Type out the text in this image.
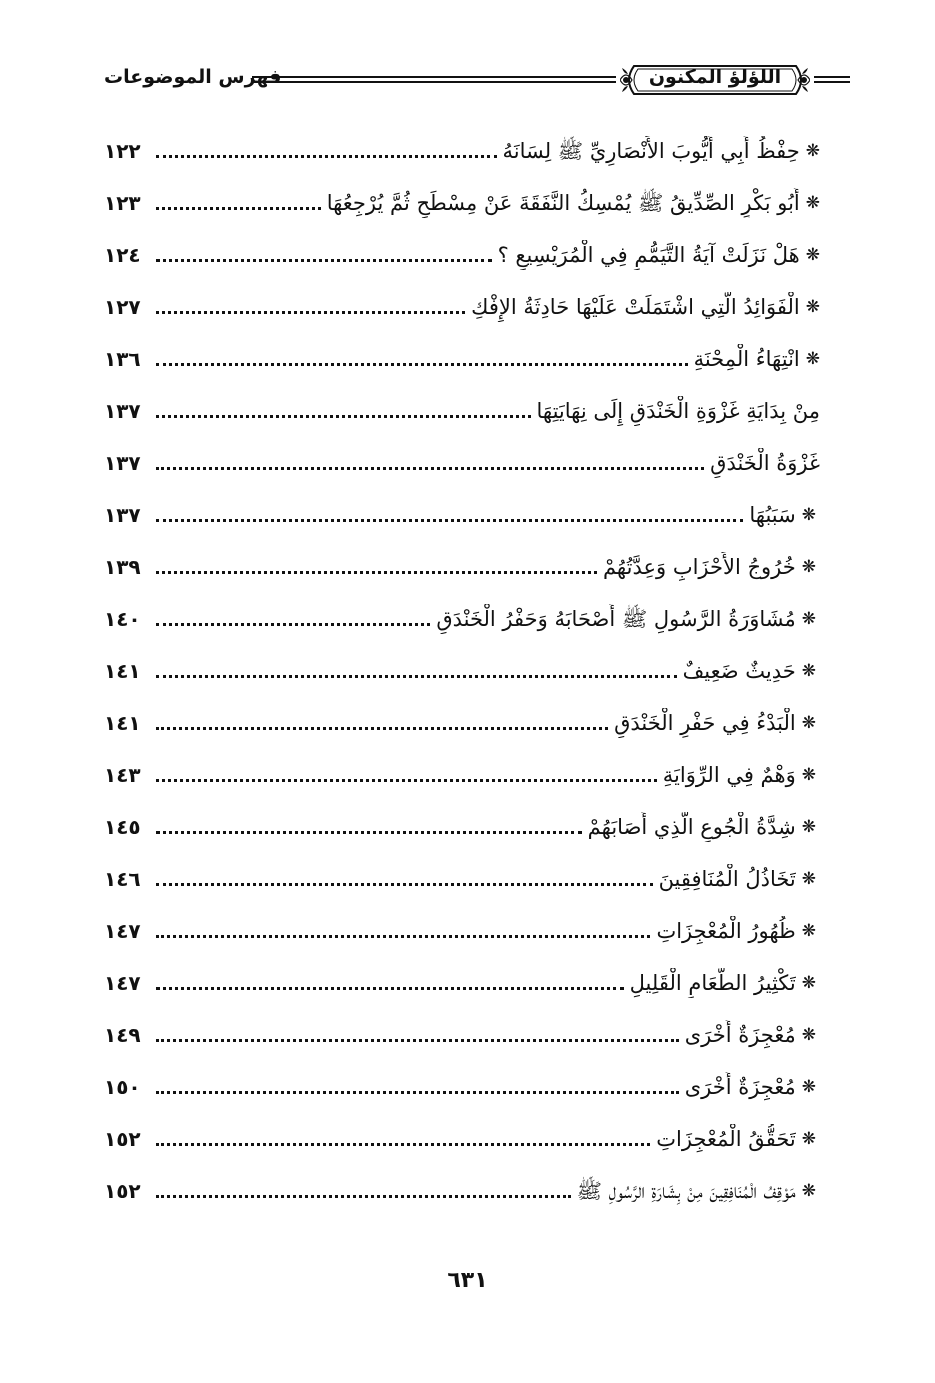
اللؤلؤ المكنون
فهرس الموضوعات
❋
حِفْظُ أَبِي أَيُّوبَ الأَنْصَارِيِّ ﷺ لِسَانَهُ
١٢٢
❋
أَبُو بَكْرٍ الصِّدِّيقُ ﷺ يُمْسِكُ النَّفَقَةَ عَنْ مِسْطَحٍ ثُمَّ يُرْجِعُهَا
١٢٣
❋
هَلْ نَزَلَتْ آيَةُ التَّيَمُّمِ فِي الْمُرَيْسِيعِ ؟
١٢٤
❋
الْفَوَائِدُ الَّتِي اشْتَمَلَتْ عَلَيْهَا حَادِثَةُ الإِفْكِ
١٢٧
❋
انْتِهَاءُ الْمِحْنَةِ
١٣٦
مِنْ بِدَايَةِ غَزْوَةِ الْخَنْدَقِ إِلَى نِهَايَتِهَا
١٣٧
غَزْوَةُ الْخَنْدَقِ
١٣٧
❋
سَبَبُهَا
١٣٧
❋
خُرُوجُ الأَحْزَابِ وَعِدَّتُهُمْ
١٣٩
❋
مُشَاوَرَةُ الرَّسُولِ ﷺ أَصْحَابَهُ وَحَفْرُ الْخَنْدَقِ
١٤٠
❋
حَدِيثٌ ضَعِيفٌ
١٤١
❋
الْبَدْءُ فِي حَفْرِ الْخَنْدَقِ
١٤١
❋
وَهْمٌ فِي الرِّوَايَةِ
١٤٣
❋
شِدَّةُ الْجُوعِ الَّذِي أَصَابَهُمْ
١٤٥
❋
تَخَاذُلُ الْمُنَافِقِينَ
١٤٦
❋
ظُهُورُ الْمُعْجِزَاتِ
١٤٧
❋
تَكْثِيرُ الطَّعَامِ الْقَلِيلِ
١٤٧
❋
مُعْجِزَةٌ أُخْرَى
١٤٩
❋
مُعْجِزَةٌ أُخْرَى
١٥٠
❋
تَحَقُّقُ الْمُعْجِزَاتِ
١٥٢
❋
مَوْقِفُ الْمُنَافِقِينَ مِنْ بِشَارَةِ الرَّسُولِ ﷺ
١٥٢
٦٣١
